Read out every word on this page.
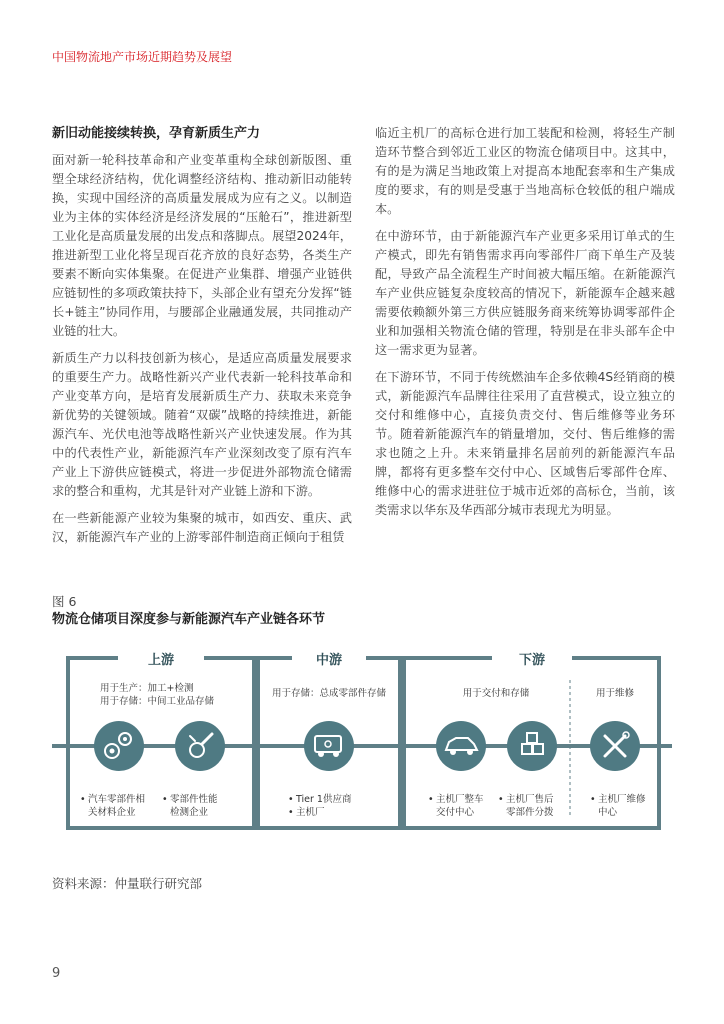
中国物流地产市场近期趋势及展望
新旧动能接续转换，孕育新质生产力

面对新一轮科技革命和产业变革重构全球创新版图、重塑全球经济结构，优化调整经济结构、推动新旧动能转换，实现中国经济的高质量发展成为应有之义。以制造业为主体的实体经济是经济发展的“压舱石”，推进新型工业化是高质量发展的出发点和落脚点。展望2024年，推进新型工业化将呈现百花齐放的良好态势，各类生产要素不断向实体集聚。在促进产业集群、增强产业链供应链韧性的多项政策扶持下，头部企业有望充分发挥“链长+链主”协同作用，与腰部企业融通发展，共同推动产业链的壮大。

新质生产力以科技创新为核心，是适应高质量发展要求的重要生产力。战略性新兴产业代表新一轮科技革命和产业变革方向，是培育发展新质生产力、获取未来竞争新优势的关键领域。随着“双碳”战略的持续推进，新能源汽车、光伏电池等战略性新兴产业快速发展。作为其中的代表性产业，新能源汽车产业深刻改变了原有汽车产业上下游供应链模式，将进一步促进外部物流仓储需求的整合和重构，尤其是针对产业链上游和下游。

在一些新能源产业较为集聚的城市，如西安、重庆、武汉，新能源汽车产业的上游零部件制造商正倾向于租赁

临近主机厂的高标仓进行加工装配和检测，将轻生产制造环节整合到邻近工业区的物流仓储项目中。这其中，有的是为满足当地政策上对提高本地配套率和生产集成度的要求，有的则是受惠于当地高标仓较低的租户端成本。

在中游环节，由于新能源汽车产业更多采用订单式的生产模式，即先有销售需求再向零部件厂商下单生产及装配，导致产品全流程生产时间被大幅压缩。在新能源汽车产业供应链复杂度较高的情况下，新能源车企越来越需要依赖额外第三方供应链服务商来统筹协调零部件企业和加强相关物流仓储的管理，特别是在非头部车企中这一需求更为显著。

在下游环节，不同于传统燃油车企多依赖4S经销商的模式，新能源汽车品牌往往采用了直营模式，设立独立的交付和维修中心，直接负责交付、售后维修等业务环节。随着新能源汽车的销量增加，交付、售后维修的需求也随之上升。未来销量排名居前列的新能源汽车品牌，都将有更多整车交付中心、区域售后零部件仓库、维修中心的需求进驻位于城市近郊的高标仓，当前，该类需求以华东及华西部分城市表现尤为明显。

图 6
物流仓储项目深度参与新能源汽车产业链各环节
上游	中游	下游
用于生产：加工+检测
用于存储：中间工业品存储
用于存储：总成零部件存储	用于交付和存储	用于维修
• 汽车零部件相
关材料企业
• 零部件性能
检测企业
• Tier 1供应商
• 主机厂
• 主机厂整车
交付中心
• 主机厂售后
零部件分拨
• 主机厂维修
中心
资料来源：仲量联行研究部
9
